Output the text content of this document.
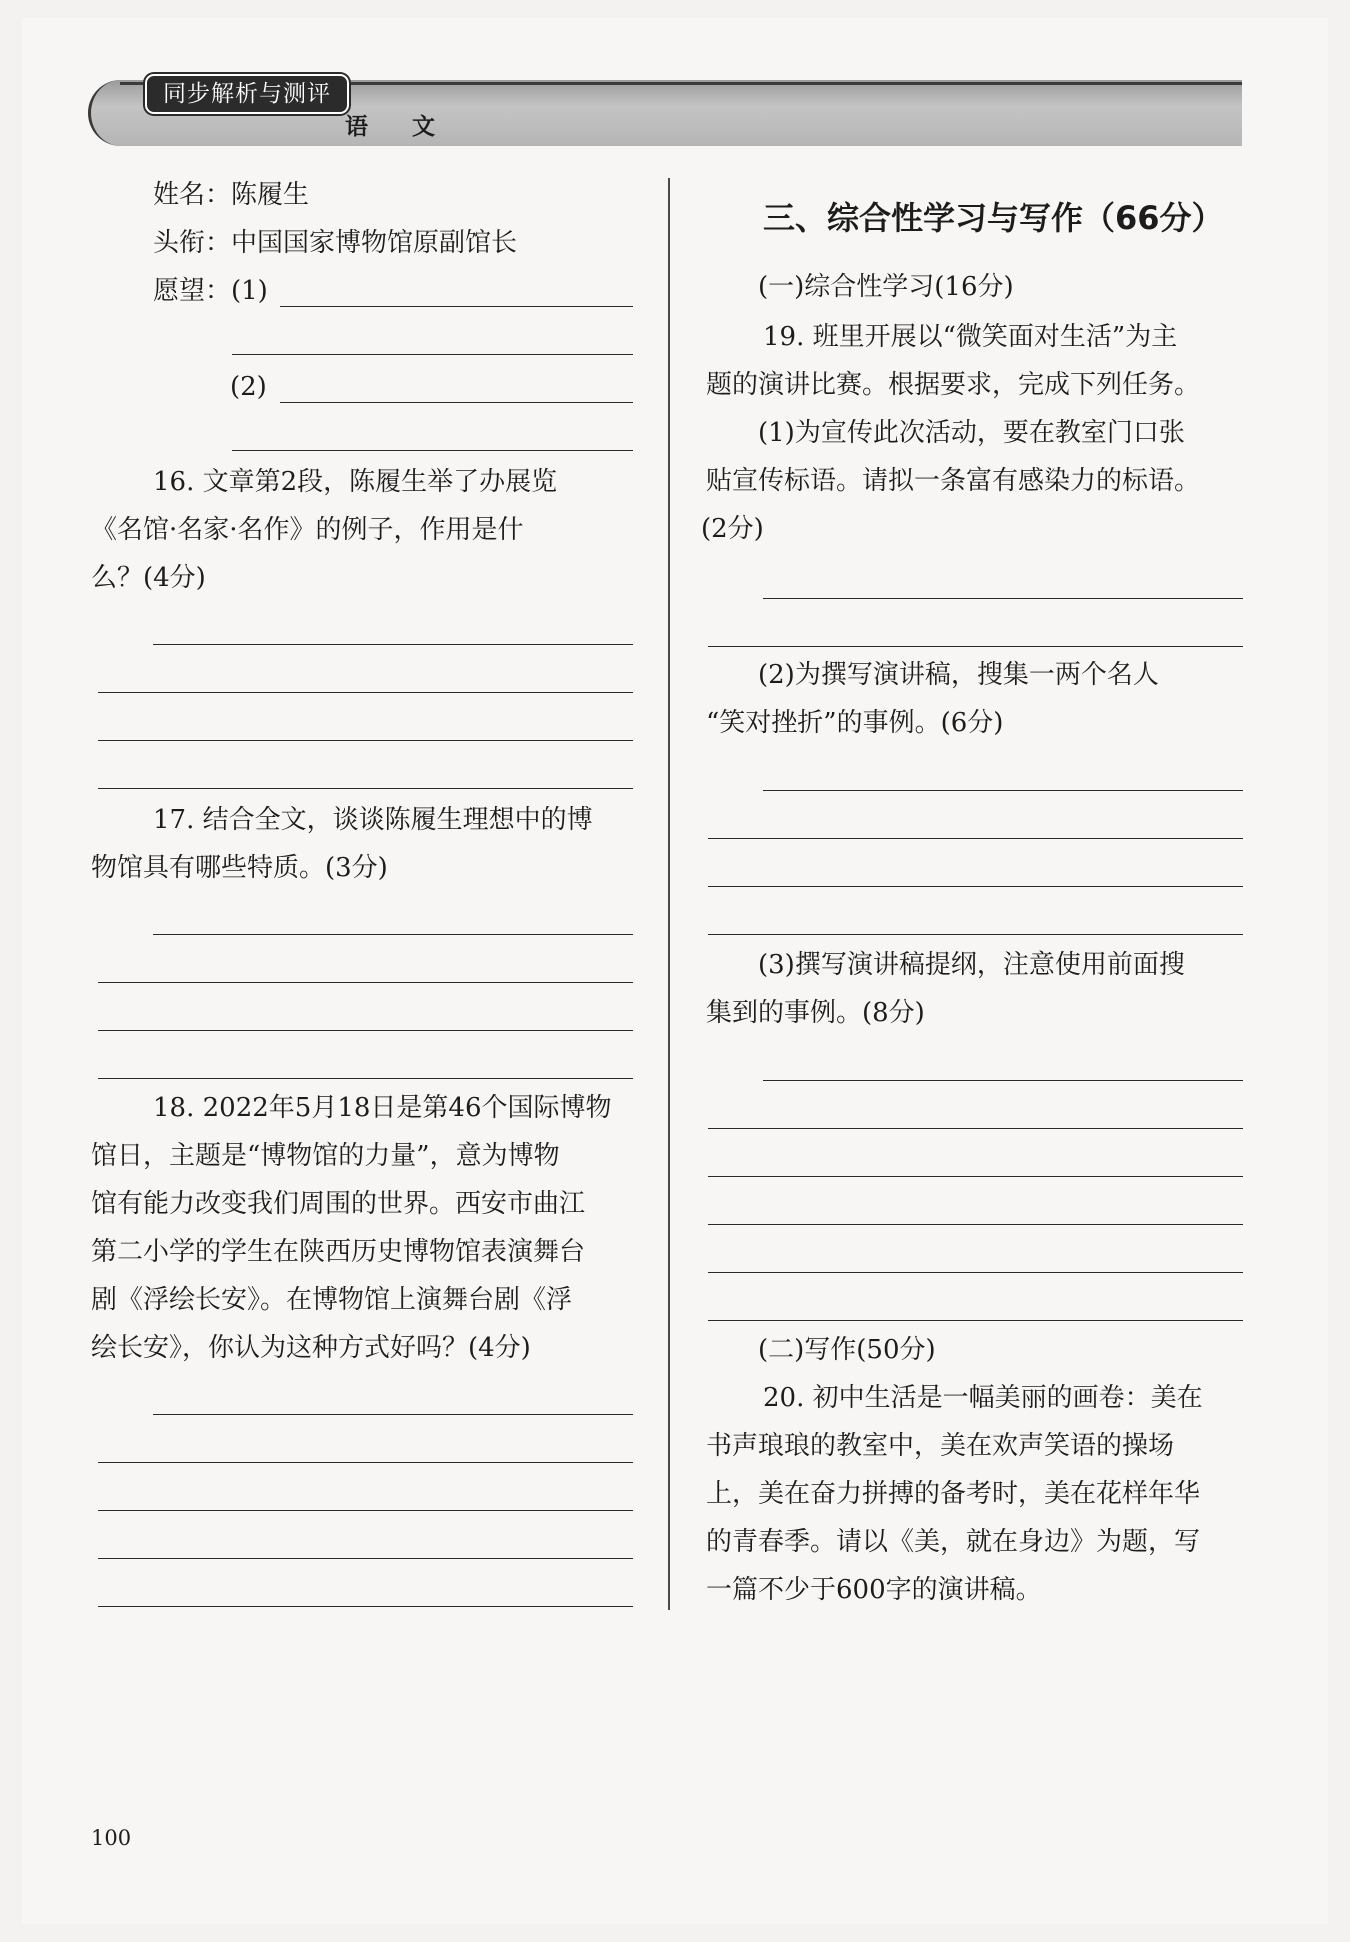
同步解析与测评
语 文
姓名：陈履生
头衔：中国国家博物馆原副馆长
愿望：(1)
(2)
16. 文章第2段，陈履生举了办展览
《名馆·名家·名作》的例子，作用是什
么？(4分)
17. 结合全文，谈谈陈履生理想中的博
物馆具有哪些特质。(3分)
18. 2022年5月18日是第46个国际博物
馆日，主题是“博物馆的力量”，意为博物
馆有能力改变我们周围的世界。西安市曲江
第二小学的学生在陕西历史博物馆表演舞台
剧《浮绘长安》。在博物馆上演舞台剧《浮
绘长安》，你认为这种方式好吗？(4分)
三、综合性学习与写作（66分）
(一)综合性学习(16分)
19. 班里开展以“微笑面对生活”为主
题的演讲比赛。根据要求，完成下列任务。
(1)为宣传此次活动，要在教室门口张
贴宣传标语。请拟一条富有感染力的标语。
(2分)
(2)为撰写演讲稿，搜集一两个名人
“笑对挫折”的事例。(6分)
(3)撰写演讲稿提纲，注意使用前面搜
集到的事例。(8分)
(二)写作(50分)
20. 初中生活是一幅美丽的画卷：美在
书声琅琅的教室中，美在欢声笑语的操场
上，美在奋力拼搏的备考时，美在花样年华
的青春季。请以《美，就在身边》为题，写
一篇不少于600字的演讲稿。
100
